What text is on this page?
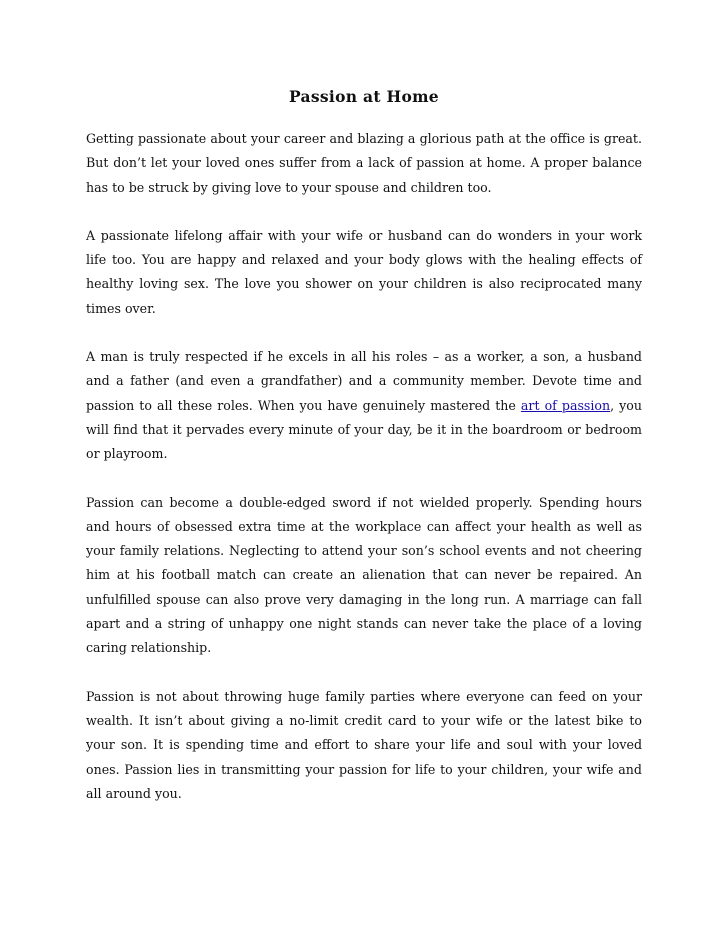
Passion at Home

Getting passionate about your career and blazing a glorious path at the office is great. But don’t let your loved ones suffer from a lack of passion at home. A proper balance has to be struck by giving love to your spouse and children too.

A passionate lifelong affair with your wife or husband can do wonders in your work life too. You are happy and relaxed and your body glows with the healing effects of healthy loving sex. The love you shower on your children is also reciprocated many times over.

A man is truly respected if he excels in all his roles – as a worker, a son, a husband and a father (and even a grandfather) and a community member. Devote time and passion to all these roles. When you have genuinely mastered the art of passion, you will find that it pervades every minute of your day, be it in the boardroom or bedroom or playroom.

Passion can become a double-edged sword if not wielded properly. Spending hours and hours of obsessed extra time at the workplace can affect your health as well as your family relations. Neglecting to attend your son’s school events and not cheering him at his football match can create an alienation that can never be repaired. An unfulfilled spouse can also prove very damaging in the long run. A marriage can fall apart and a string of unhappy one night stands can never take the place of a loving caring relationship.

Passion is not about throwing huge family parties where everyone can feed on your wealth. It isn’t about giving a no-limit credit card to your wife or the latest bike to your son. It is spending time and effort to share your life and soul with your loved ones. Passion lies in transmitting your passion for life to your children, your wife and all around you.
